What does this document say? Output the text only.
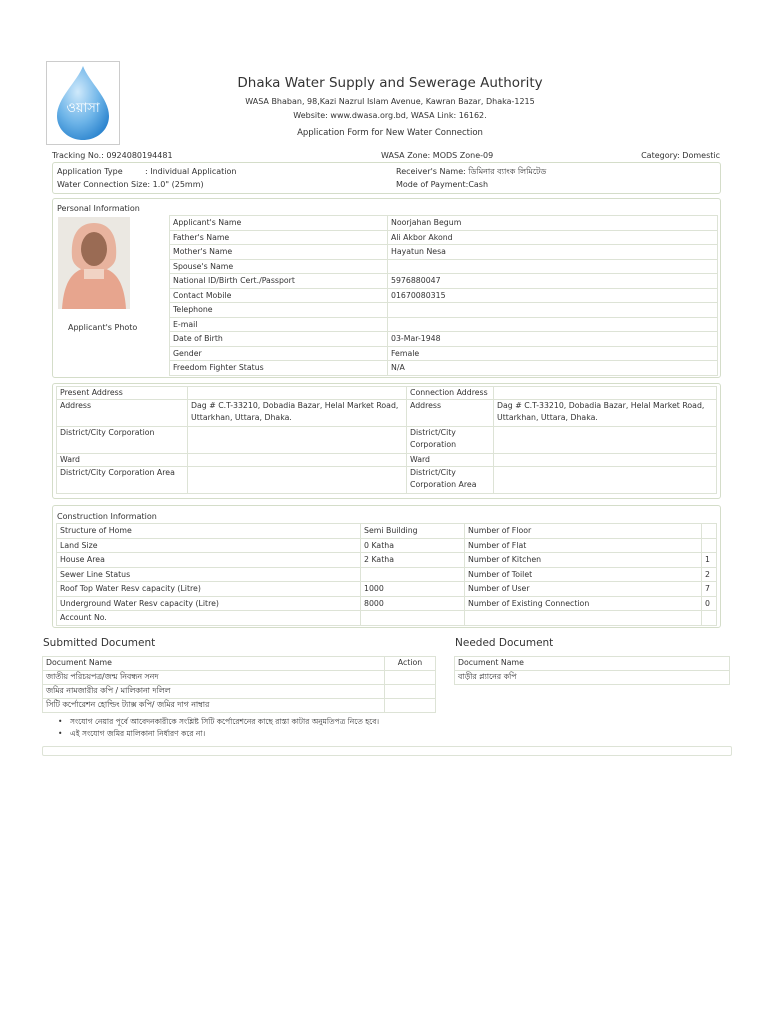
ওয়াসা
Dhaka Water Supply and Sewerage Authority
WASA Bhaban, 98,Kazi Nazrul Islam Avenue, Kawran Bazar, Dhaka-1215
Website: www.dwasa.org.bd, WASA Link: 16162.
Application Form for New Water Connection
Tracking No.: 0924080194481	WASA Zone: MODS Zone-09	Category: Domestic
Application Type	: Individual Application
Water Connection Size: 1.0" (25mm)
Receiver's Name : ডিমিনার ব্যাংক লিমিটেড
Mode of Payment:Cash
Personal Information
Applicant's Photo
Applicant's Name	Noorjahan Begum
Father's Name	Ali Akbor Akond
Mother's Name	Hayatun Nesa
Spouse's Name	
National ID/Birth Cert./Passport	5976880047
Contact Mobile	01670080315
Telephone	
E-mail	
Date of Birth	03-Mar-1948
Gender	Female
Freedom Fighter Status	N/A
Present Address		Connection Address	
Address	Dag # C.T-33210, Dobadia Bazar, Helal Market Road, Uttarkhan, Uttara, Dhaka.	Address	Dag # C.T-33210, Dobadia Bazar, Helal Market Road, Uttarkhan, Uttara, Dhaka.
District/City Corporation		District/City Corporation	
Ward		Ward	
District/City Corporation Area		District/City Corporation Area	
Construction Information
Structure of Home	Semi Building	Number of Floor	
Land Size	0 Katha	Number of Flat	
House Area	2 Katha	Number of Kitchen	1
Sewer Line Status		Number of Toilet	2
Roof Top Water Resv capacity (Litre)	1000	Number of User	7
Underground Water Resv capacity (Litre)	8000	Number of Existing Connection	0
Account No.			
Submitted Document
Document Name	Action
জাতীয় পরিচয়পত্র/জন্ম নিবন্ধন সনদ	
জমির নামজারীর কপি / মালিকানা দলিল	
সিটি কর্পোরেশন হোল্ডিং ট্যাক্স কপি/ জমির দাগ নাম্বার	
Needed Document
Document Name
বাড়ীর প্ল্যানের কপি
• সংযোগ নেয়ার পূর্বে আবেদনকারীকে সংশ্লিষ্ট সিটি কর্পোরেশনের কাছে রাস্তা কাটার অনুমতিপত্র নিতে হবে।
• এই সংযোগ জমির মালিকানা নির্ধারণ করে না।
